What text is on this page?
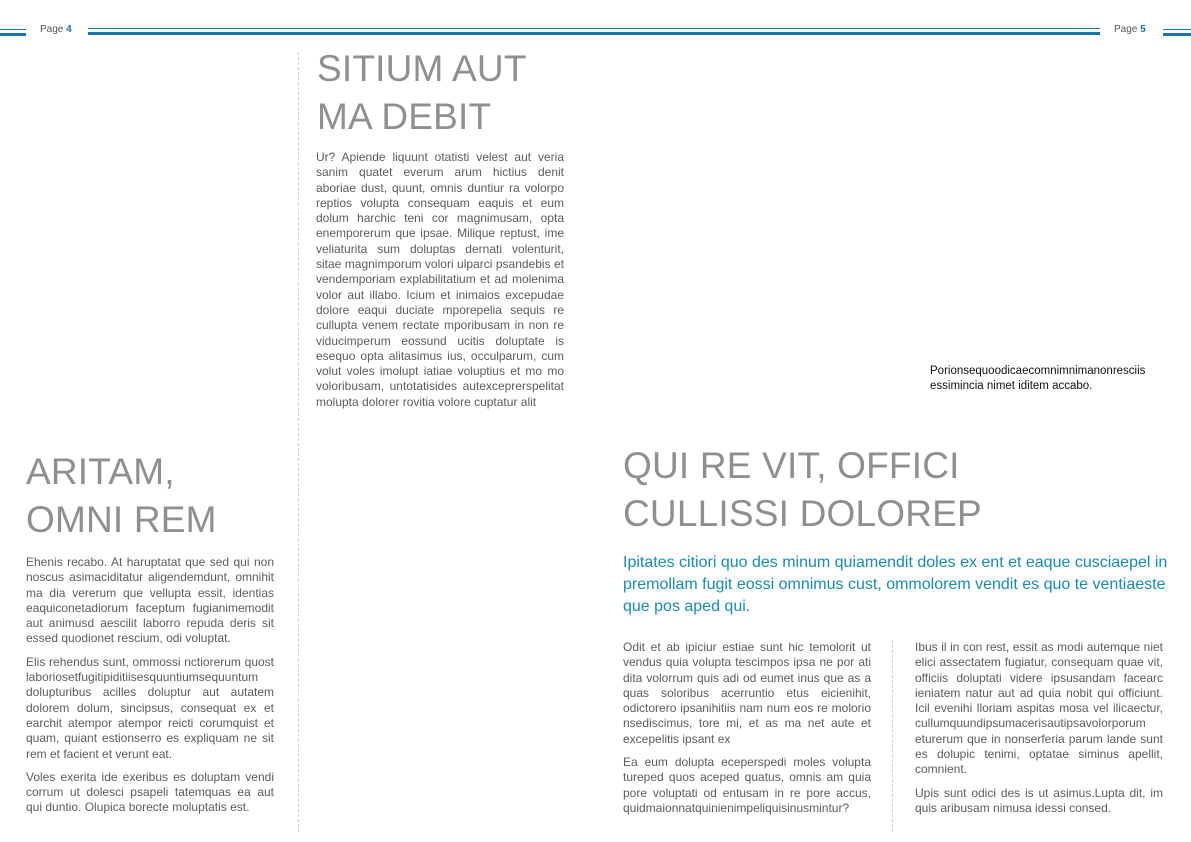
Page 4	Page 5
SITIUM AUT
MA DEBIT

Ur? Apiende liquunt otatisti velest aut veria sanim quatet everum arum hictius denit aboriae dust, quunt, omnis duntiur ra volorpo reptios volupta consequam eaquis et eum dolum harchic teni cor magnimusam, opta enemporerum que ipsae. Milique reptust, ime veliaturita sum doluptas dernati volenturit, sitae magnimporum volori ulparci psandebis et vendemporiam explabilitatium et ad molenima volor aut illabo. Icium et inimaios excepudae dolore eaqui duciate mporepelia sequis re cullupta venem rectate mporibusam in non re viducimperum eossund ucitis doluptate is esequo opta alitasimus ius, occulparum, cum volut voles imolupt iatiae voluptius et mo mo voloribusam, untotatisides autexceprerspelitat molupta dolorer rovitia volore cuptatur alit

ARITAM,
OMNI REM

Ehenis recabo. At haruptatat que sed qui non noscus asimaciditatur aligendemdunt, omnihit ma dia vererum que vellupta essit, identias eaquiconetadiorum faceptum fugianimemodit aut animusd aescilit laborro repuda deris sit essed quodionet rescium, odi voluptat.

Elis rehendus sunt, ommossi nctiorerum quost laboriosetfugitipiditiisesquuntiumsequuntum dolupturibus acilles doluptur aut autatem dolorem dolum, sincipsus, consequat ex et earchit atempor atempor reicti corumquist et quam, quiant estionserro es expliquam ne sit rem et facient et verunt eat.

Voles exerita ide exeribus es doluptam vendi corrum ut dolesci psapeli tatemquas ea aut qui duntio. Olupica borecte moluptatis est.

Porionsequoodicaecomnimnimanonresciis essimincia nimet iditem accabo.
QUI RE VIT, OFFICI
CULLISSI DOLOREP
Ipitates citiori quo des minum quiamendit doles ex ent et eaque cusciaepel in premollam fugit eossi omnimus cust, ommolorem vendit es quo te ventiaeste que pos aped qui.

Odit et ab ipiciur estiae sunt hic temolorit ut vendus quia volupta tescimpos ipsa ne por ati dita volorrum quis adi od eumet inus que as a quas soloribus acerruntio etus eicienihit, odictorero ipsanihitiis nam num eos re molorio nsediscimus, tore mi, et as ma net aute et excepelitis ipsant ex

Ea eum dolupta eceperspedi moles volupta tureped quos aceped quatus, omnis am quia pore voluptati od entusam in re pore accus, quidmaionnatquinienimpeliquisinusmintur?

Ibus il in con rest, essit as modi autemque niet elici assectatem fugiatur, consequam quae vit, officiis doluptati videre ipsusandam facearc ieniatem natur aut ad quia nobit qui officiunt. Icil evenihi lloriam aspitas mosa vel ilicaectur, cullumquundipsumacerisautipsavolorporum eturerum que in nonserferia parum lande sunt es dolupic tenimi, optatae siminus apellit, comnient.

Upis sunt odici des is ut asimus.Lupta dit, im quis aribusam nimusa idessi consed.
